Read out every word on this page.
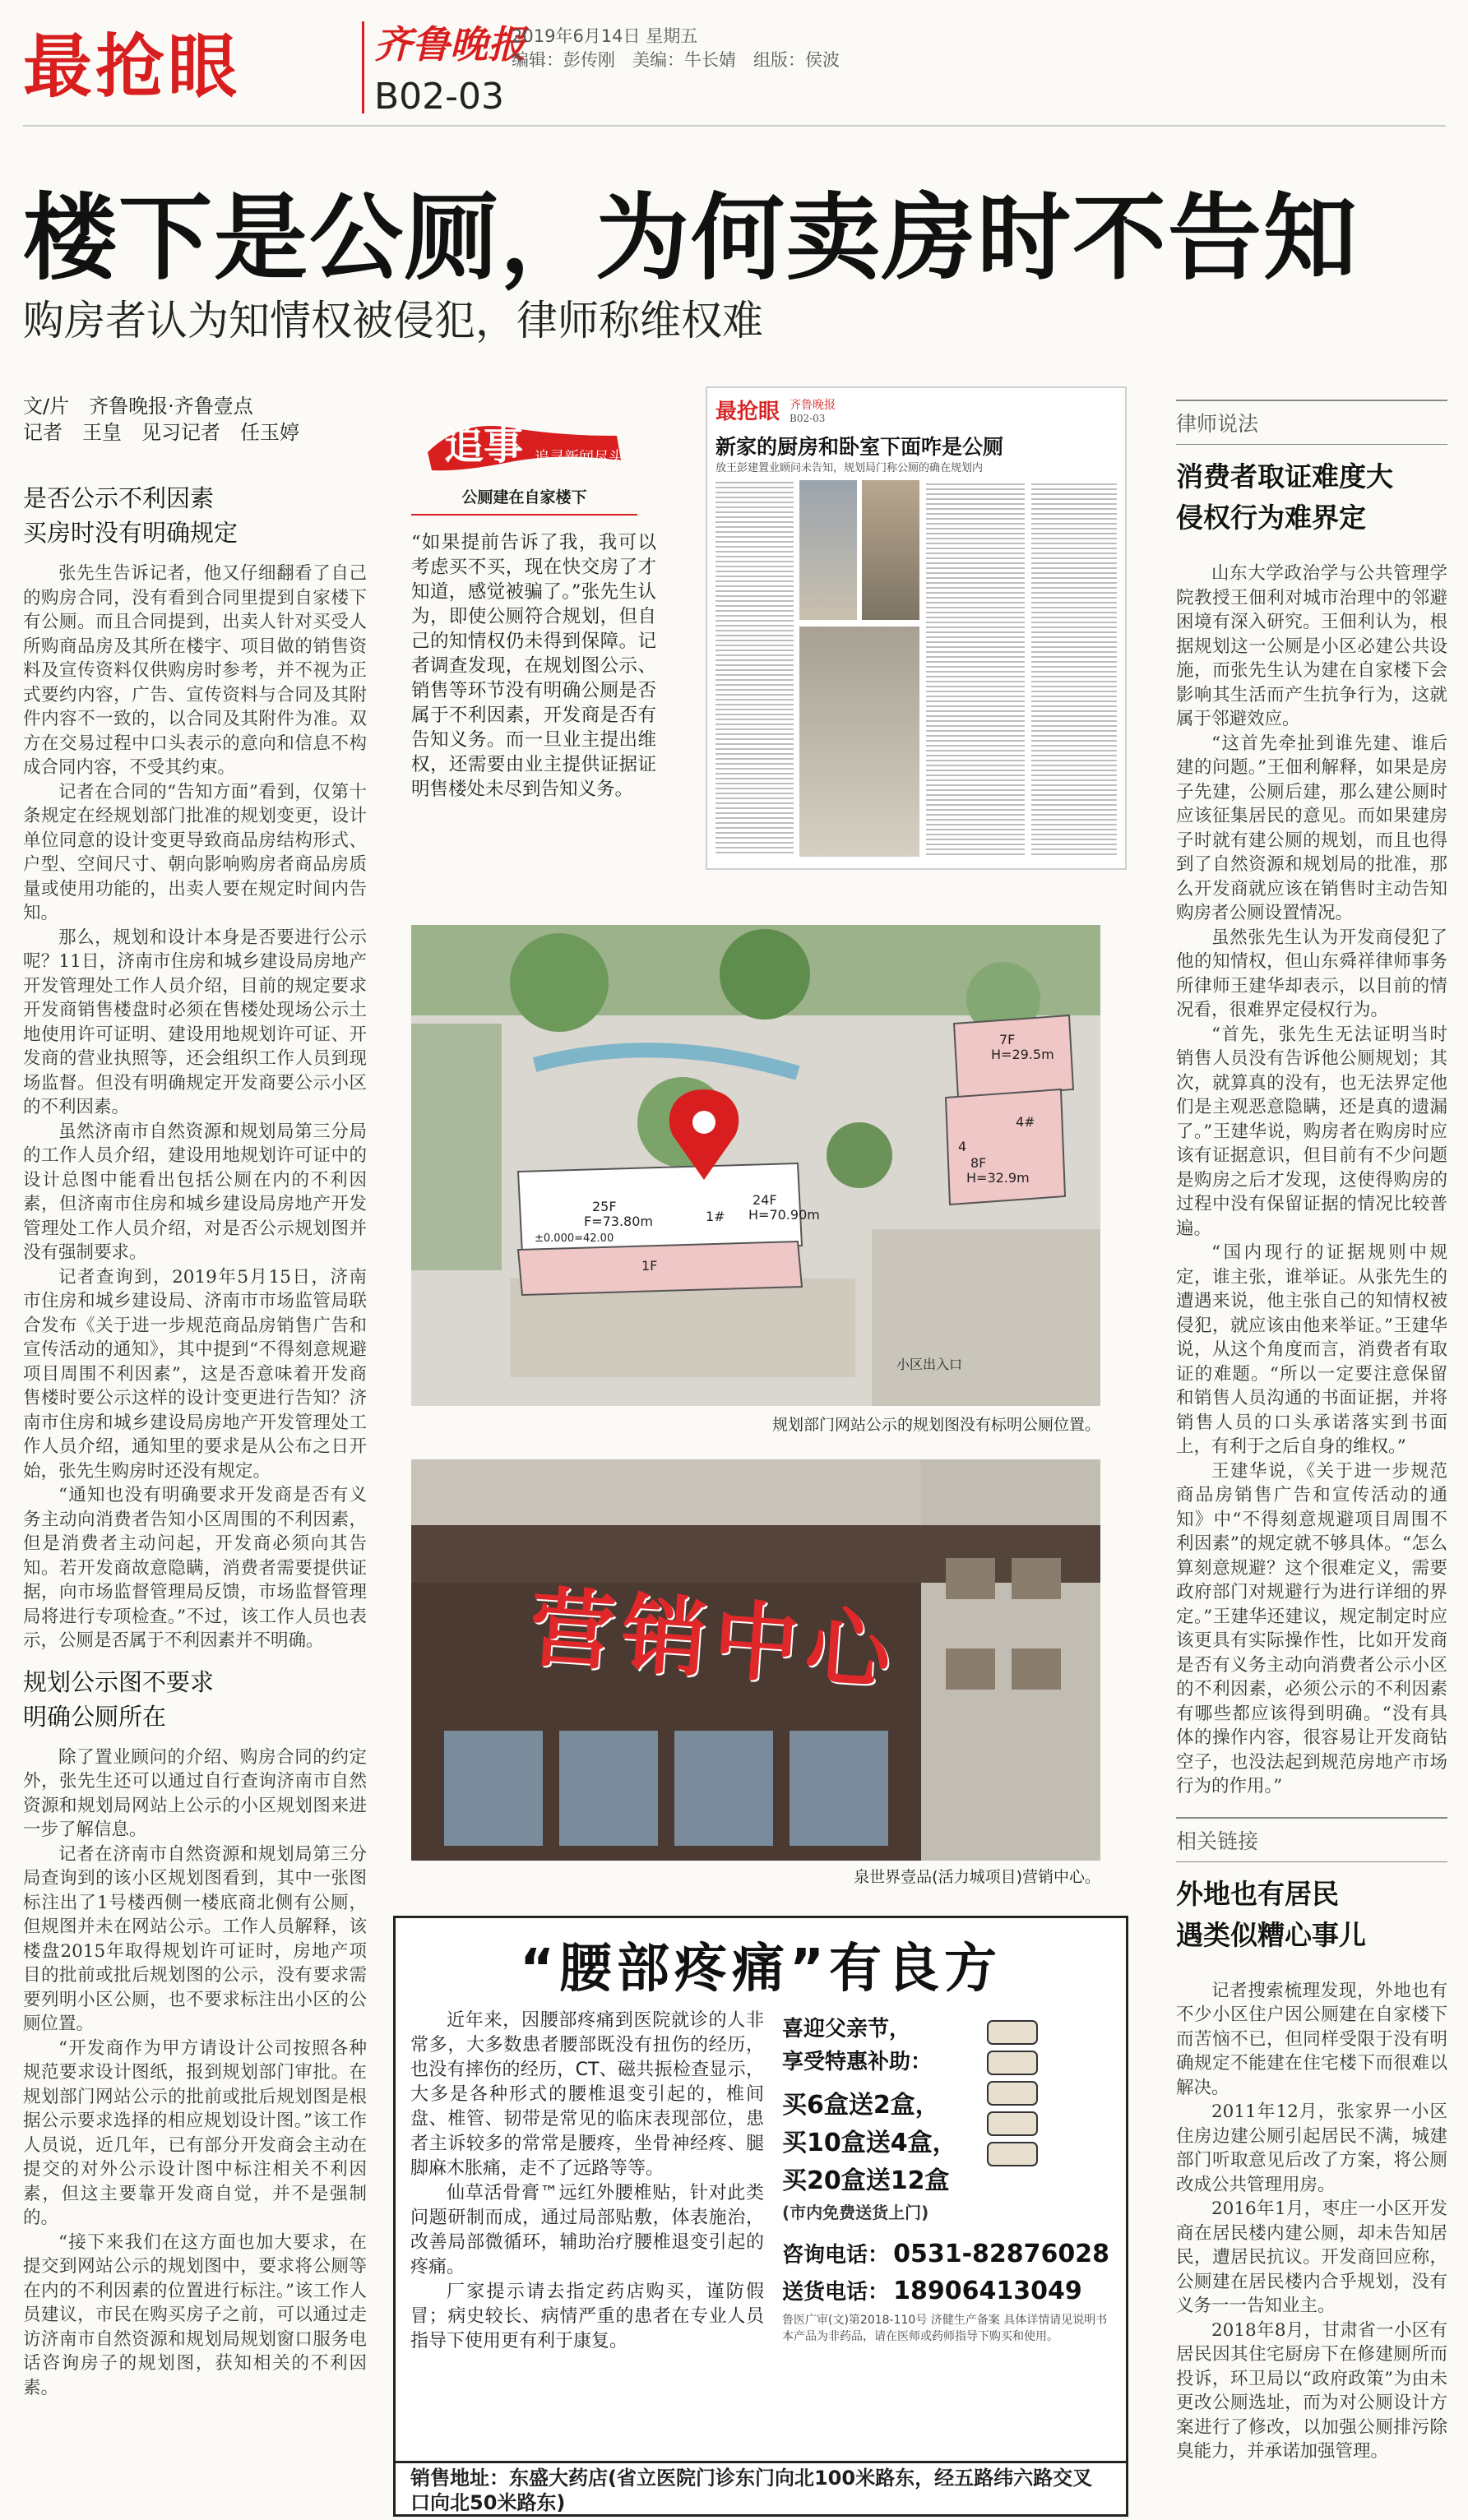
最抢眼	齐鲁晚报
2019年6月14日 星期五
编辑：彭传刚　美编：牛长婧　组版：侯波
B02-03
楼下是公厕，为何卖房时不告知
购房者认为知情权被侵犯，律师称维权难
文/片　齐鲁晚报·齐鲁壹点
记者　王皇　见习记者　任玉婷
是否公示不利因素
买房时没有明确规定

张先生告诉记者，他又仔细翻看了自己的购房合同，没有看到合同里提到自家楼下有公厕。而且合同提到，出卖人针对买受人所购商品房及其所在楼宇、项目做的销售资料及宣传资料仅供购房时参考，并不视为正式要约内容，广告、宣传资料与合同及其附件内容不一致的，以合同及其附件为准。双方在交易过程中口头表示的意向和信息不构成合同内容，不受其约束。

记者在合同的“告知方面”看到，仅第十条规定在经规划部门批准的规划变更，设计单位同意的设计变更导致商品房结构形式、户型、空间尺寸、朝向影响购房者商品房质量或使用功能的，出卖人要在规定时间内告知。

那么，规划和设计本身是否要进行公示呢？11日，济南市住房和城乡建设局房地产开发管理处工作人员介绍，目前的规定要求开发商销售楼盘时必须在售楼处现场公示土地使用许可证明、建设用地规划许可证、开发商的营业执照等，还会组织工作人员到现场监督。但没有明确规定开发商要公示小区的不利因素。

虽然济南市自然资源和规划局第三分局的工作人员介绍，建设用地规划许可证中的设计总图中能看出包括公厕在内的不利因素，但济南市住房和城乡建设局房地产开发管理处工作人员介绍，对是否公示规划图并没有强制要求。

记者查询到，2019年5月15日，济南市住房和城乡建设局、济南市市场监管局联合发布《关于进一步规范商品房销售广告和宣传活动的通知》，其中提到“不得刻意规避项目周围不利因素”，这是否意味着开发商售楼时要公示这样的设计变更进行告知？济南市住房和城乡建设局房地产开发管理处工作人员介绍，通知里的要求是从公布之日开始，张先生购房时还没有规定。

“通知也没有明确要求开发商是否有义务主动向消费者告知小区周围的不利因素，但是消费者主动问起，开发商必须向其告知。若开发商故意隐瞒，消费者需要提供证据，向市场监督管理局反馈，市场监督管理局将进行专项检查。”不过，该工作人员也表示，公厕是否属于不利因素并不明确。

规划公示图不要求
明确公厕所在

除了置业顾问的介绍、购房合同的约定外，张先生还可以通过自行查询济南市自然资源和规划局网站上公示的小区规划图来进一步了解信息。

记者在济南市自然资源和规划局第三分局查询到的该小区规划图看到，其中一张图标注出了1号楼西侧一楼底商北侧有公厕，但规图并未在网站公示。工作人员解释，该楼盘2015年取得规划许可证时，房地产项目的批前或批后规划图的公示，没有要求需要列明小区公厕，也不要求标注出小区的公厕位置。

“开发商作为甲方请设计公司按照各种规范要求设计图纸，报到规划部门审批。在规划部门网站公示的批前或批后规划图是根据公示要求选择的相应规划设计图。”该工作人员说，近几年，已有部分开发商会主动在提交的对外公示设计图中标注相关不利因素，但这主要靠开发商自觉，并不是强制的。

“接下来我们在这方面也加大要求，在提交到网站公示的规划图中，要求将公厕等在内的不利因素的位置进行标注。”该工作人员建议，市民在购买房子之前，可以通过走访济南市自然资源和规划局规划窗口服务电话咨询房子的规划图，获知相关的不利因素。

追事 追寻新闻尽头
公厕建在自家楼下
“如果提前告诉了我，我可以考虑买不买，现在快交房了才知道，感觉被骗了。”张先生认为，即使公厕符合规划，但自己的知情权仍未得到保障。记者调查发现，在规划图公示、销售等环节没有明确公厕是否属于不利因素，开发商是否有告知义务。而一旦业主提出维权，还需要由业主提供证据证明售楼处未尽到告知义务。
最抢眼 齐鲁晚报
B02-03
新家的厨房和卧室下面咋是公厕
放王彭建置业顾问未告知，规划局门称公厕的确在规划内
25F
F=73.80m	1#
24F
H=70.90m
1F
7F
H=29.5m
4#
4
8F
H=32.9m
±0.000=42.00
小区出入口
规划部门网站公示的规划图没有标明公厕位置。
营销中心
泉世界壹品(活力城项目)营销中心。
律师说法
消费者取证难度大
侵权行为难界定

山东大学政治学与公共管理学院教授王佃利对城市治理中的邻避困境有深入研究。王佃利认为，根据规划这一公厕是小区必建公共设施，而张先生认为建在自家楼下会影响其生活而产生抗争行为，这就属于邻避效应。

“这首先牵扯到谁先建、谁后建的问题。”王佃利解释，如果是房子先建，公厕后建，那么建公厕时应该征集居民的意见。而如果建房子时就有建公厕的规划，而且也得到了自然资源和规划局的批准，那么开发商就应该在销售时主动告知购房者公厕设置情况。

虽然张先生认为开发商侵犯了他的知情权，但山东舜祥律师事务所律师王建华却表示，以目前的情况看，很难界定侵权行为。

“首先，张先生无法证明当时销售人员没有告诉他公厕规划；其次，就算真的没有，也无法界定他们是主观恶意隐瞒，还是真的遗漏了。”王建华说，购房者在购房时应该有证据意识，但目前有不少问题是购房之后才发现，这使得购房的过程中没有保留证据的情况比较普遍。

“国内现行的证据规则中规定，谁主张，谁举证。从张先生的遭遇来说，他主张自己的知情权被侵犯，就应该由他来举证。”王建华说，从这个角度而言，消费者有取证的难题。“所以一定要注意保留和销售人员沟通的书面证据，并将销售人员的口头承诺落实到书面上，有利于之后自身的维权。”

王建华说，《关于进一步规范商品房销售广告和宣传活动的通知》中“不得刻意规避项目周围不利因素”的规定就不够具体。“怎么算刻意规避？这个很难定义，需要政府部门对规避行为进行详细的界定。”王建华还建议，规定制定时应该更具有实际操作性，比如开发商是否有义务主动向消费者公示小区的不利因素，必须公示的不利因素有哪些都应该得到明确。“没有具体的操作内容，很容易让开发商钻空子，也没法起到规范房地产市场行为的作用。”

相关链接
外地也有居民
遇类似糟心事儿

记者搜索梳理发现，外地也有不少小区住户因公厕建在自家楼下而苦恼不已，但同样受限于没有明确规定不能建在住宅楼下而很难以解决。

2011年12月，张家界一小区住房边建公厕引起居民不满，城建部门听取意见后改了方案，将公厕改成公共管理用房。

2016年1月，枣庄一小区开发商在居民楼内建公厕，却未告知居民，遭居民抗议。开发商回应称，公厕建在居民楼内合乎规划，没有义务一一告知业主。

2018年8月，甘肃省一小区有居民因其住宅厨房下在修建厕所而投诉，环卫局以“政府政策”为由未更改公厕选址，而为对公厕设计方案进行了修改，以加强公厕排污除臭能力，并承诺加强管理。

“腰部疼痛”有良方
近年来，因腰部疼痛到医院就诊的人非常多，大多数患者腰部既没有扭伤的经历，也没有摔伤的经历，CT、磁共振检查显示，大多是各种形式的腰椎退变引起的，椎间盘、椎管、韧带是常见的临床表现部位，患者主诉较多的常常是腰疼，坐骨神经疼、腿脚麻木胀痛，走不了远路等等。
仙草活骨膏™远红外腰椎贴，针对此类问题研制而成，通过局部贴敷，体表施治，改善局部微循环，辅助治疗腰椎退变引起的疼痛。
厂家提示请去指定药店购买，谨防假冒；病史较长、病情严重的患者在专业人员指导下使用更有利于康复。
喜迎父亲节，
享受特惠补助：
买6盒送2盒，
买10盒送4盒，
买20盒送12盒
(市内免费送货上门)
咨询电话： 0531-82876028
送货电话： 18906413049
鲁医广审(文)第2018-110号 济健生产备案 具体详情请见说明书 本产品为非药品，请在医师或药师指导下购买和使用。
销售地址：东盛大药店(省立医院门诊东门向北100米路东，经五路纬六路交叉口向北50米路东)
